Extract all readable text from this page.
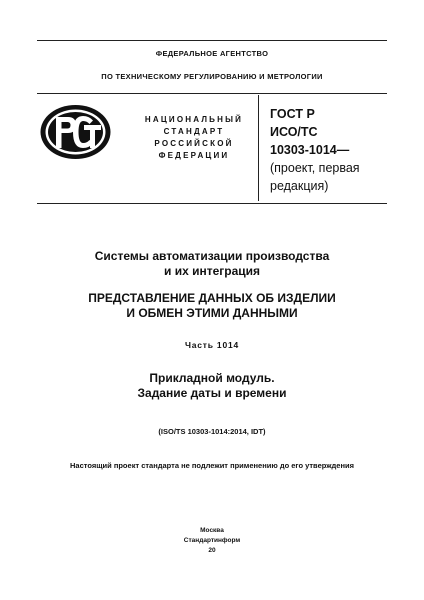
ФЕДЕРАЛЬНОЕ АГЕНТСТВО
ПО ТЕХНИЧЕСКОМУ РЕГУЛИРОВАНИЮ И МЕТРОЛОГИИ
НАЦИОНАЛЬНЫЙ
СТАНДАРТ
РОССИЙСКОЙ
ФЕДЕРАЦИИ
ГОСТ Р
ИСО/ТС
10303-1014—
(проект, первая
редакция)
Системы автоматизации производства
и их интеграция
ПРЕДСТАВЛЕНИЕ ДАННЫХ ОБ ИЗДЕЛИИ
И ОБМЕН ЭТИМИ ДАННЫМИ
Часть 1014
Прикладной модуль.
Задание даты и времени
(ISO/TS 10303-1014:2014, IDT)
Настоящий проект стандарта не подлежит применению до его утверждения
Москва
Стандартинформ
20
